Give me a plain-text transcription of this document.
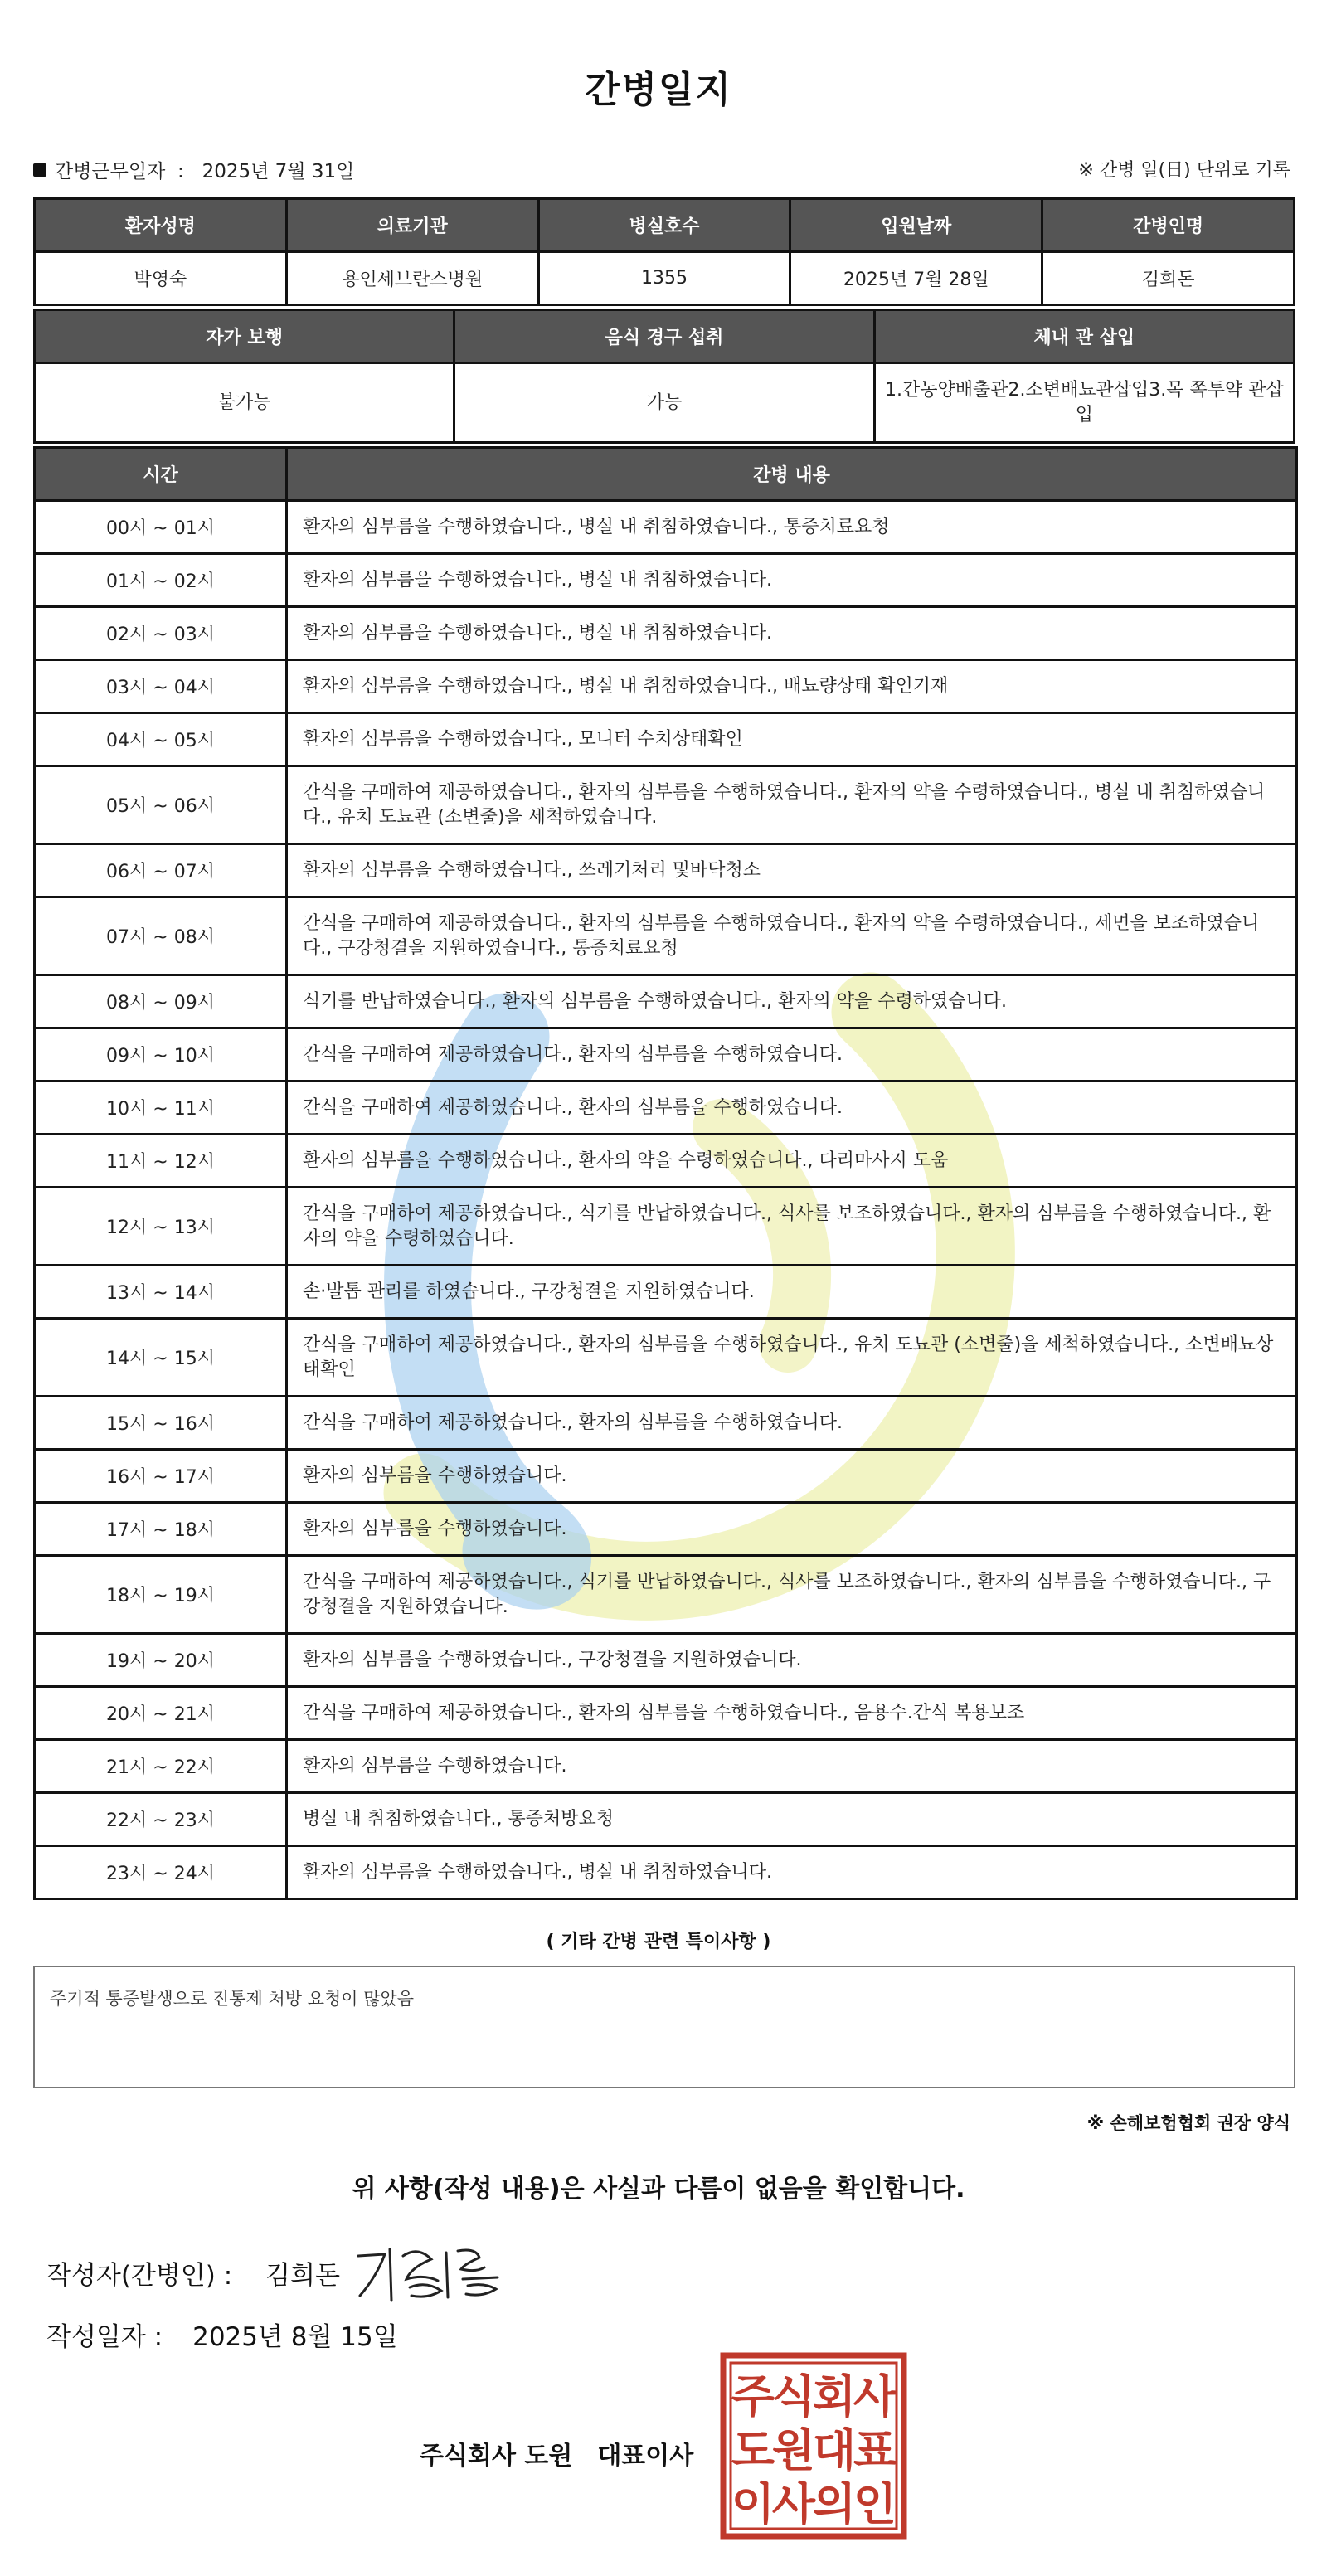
간병일지
간병근무일자 : 2025년 7월 31일	※ 간병 일(日) 단위로 기록
환자성명	의료기관	병실호수	입원날짜	간병인명
박영숙	용인세브란스병원	1355	2025년 7월 28일	김희돈
자가 보행	음식 경구 섭취	체내 관 삽입
불가능	가능	1.간농양배출관2.소변배뇨관삽입3.목 쪽투약 관삽입
시간	간병 내용
00시 ~ 01시	환자의 심부름을 수행하였습니다., 병실 내 취침하였습니다., 통증치료요청
01시 ~ 02시	환자의 심부름을 수행하였습니다., 병실 내 취침하였습니다.
02시 ~ 03시	환자의 심부름을 수행하였습니다., 병실 내 취침하였습니다.
03시 ~ 04시	환자의 심부름을 수행하였습니다., 병실 내 취침하였습니다., 배뇨량상태 확인기재
04시 ~ 05시	환자의 심부름을 수행하였습니다., 모니터 수치상태확인
05시 ~ 06시	간식을 구매하여 제공하였습니다., 환자의 심부름을 수행하였습니다., 환자의 약을 수령하였습니다., 병실 내 취침하였습니다., 유치 도뇨관 (소변줄)을 세척하였습니다.
06시 ~ 07시	환자의 심부름을 수행하였습니다., 쓰레기처리 및바닥청소
07시 ~ 08시	간식을 구매하여 제공하였습니다., 환자의 심부름을 수행하였습니다., 환자의 약을 수령하였습니다., 세면을 보조하였습니다., 구강청결을 지원하였습니다., 통증치료요청
08시 ~ 09시	식기를 반납하였습니다., 환자의 심부름을 수행하였습니다., 환자의 약을 수령하였습니다.
09시 ~ 10시	간식을 구매하여 제공하였습니다., 환자의 심부름을 수행하였습니다.
10시 ~ 11시	간식을 구매하여 제공하였습니다., 환자의 심부름을 수행하였습니다.
11시 ~ 12시	환자의 심부름을 수행하였습니다., 환자의 약을 수령하였습니다., 다리마사지 도움
12시 ~ 13시	간식을 구매하여 제공하였습니다., 식기를 반납하였습니다., 식사를 보조하였습니다., 환자의 심부름을 수행하였습니다., 환자의 약을 수령하였습니다.
13시 ~ 14시	손·발톱 관리를 하였습니다., 구강청결을 지원하였습니다.
14시 ~ 15시	간식을 구매하여 제공하였습니다., 환자의 심부름을 수행하였습니다., 유치 도뇨관 (소변줄)을 세척하였습니다., 소변배뇨상태확인
15시 ~ 16시	간식을 구매하여 제공하였습니다., 환자의 심부름을 수행하였습니다.
16시 ~ 17시	환자의 심부름을 수행하였습니다.
17시 ~ 18시	환자의 심부름을 수행하였습니다.
18시 ~ 19시	간식을 구매하여 제공하였습니다., 식기를 반납하였습니다., 식사를 보조하였습니다., 환자의 심부름을 수행하였습니다., 구강청결을 지원하였습니다.
19시 ~ 20시	환자의 심부름을 수행하였습니다., 구강청결을 지원하였습니다.
20시 ~ 21시	간식을 구매하여 제공하였습니다., 환자의 심부름을 수행하였습니다., 음용수.간식 복용보조
21시 ~ 22시	환자의 심부름을 수행하였습니다.
22시 ~ 23시	병실 내 취침하였습니다., 통증처방요청
23시 ~ 24시	환자의 심부름을 수행하였습니다., 병실 내 취침하였습니다.
( 기타 간병 관련 특이사항 )
주기적 통증발생으로 진통제 처방 요청이 많았음
※ 손해보험협회 권장 양식
위 사항(작성 내용)은 사실과 다름이 없음을 확인합니다.
작성자(간병인) : 김희돈
작성일자 : 2025년 8월 15일
주식회사 도원 대표이사
주
식
회
사
도
원
대
표
이
사
의
인
